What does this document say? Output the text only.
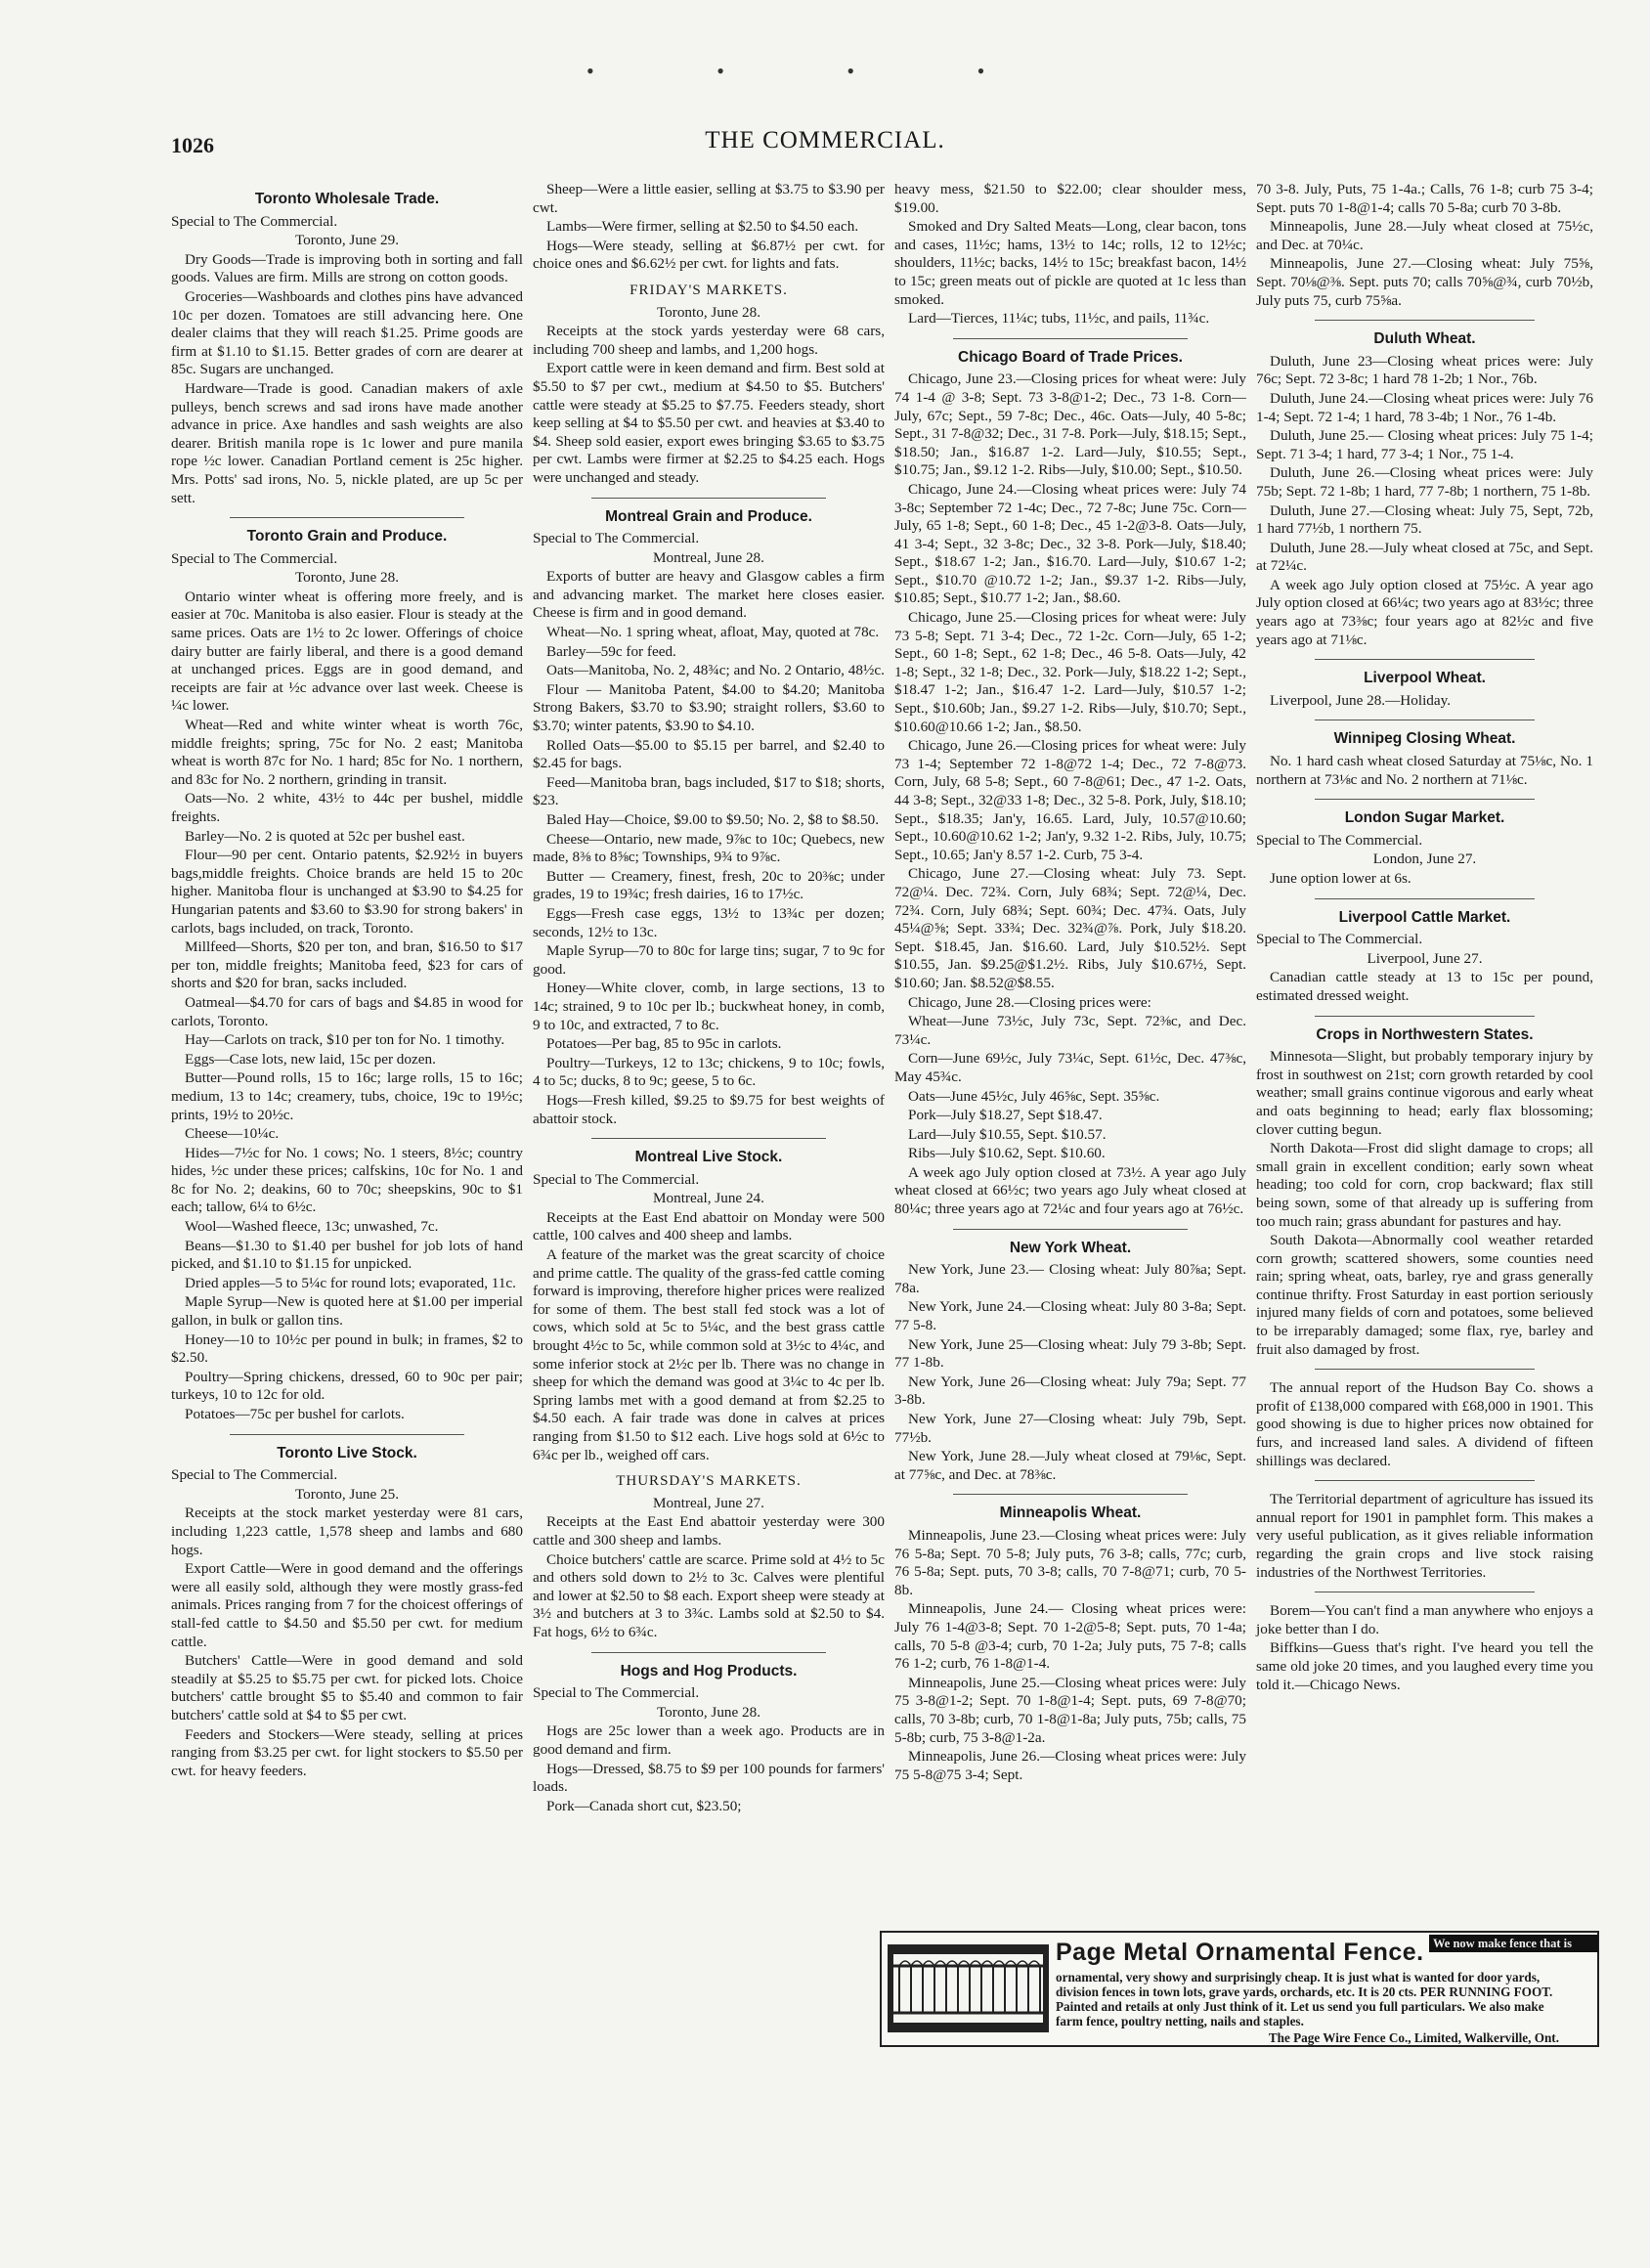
• • • •
1026	THE COMMERCIAL.
Toronto Wholesale Trade.

Special to The Commercial.

Toronto, June 29.

Dry Goods—Trade is improving both in sorting and fall goods. Values are firm. Mills are strong on cotton goods.

Groceries—Washboards and clothes pins have advanced 10c per dozen. Tomatoes are still advancing here. One dealer claims that they will reach $1.25. Prime goods are firm at $1.10 to $1.15. Better grades of corn are dearer at 85c. Sugars are unchanged.

Hardware—Trade is good. Canadian makers of axle pulleys, bench screws and sad irons have made another advance in price. Axe handles and sash weights are also dearer. British manila rope is 1c lower and pure manila rope ½c lower. Canadian Portland cement is 25c higher. Mrs. Potts' sad irons, No. 5, nickle plated, are up 5c per sett.

Toronto Grain and Produce.

Special to The Commercial.

Toronto, June 28.

Ontario winter wheat is offering more freely, and is easier at 70c. Manitoba is also easier. Flour is steady at the same prices. Oats are 1½ to 2c lower. Offerings of choice dairy butter are fairly liberal, and there is a good demand at unchanged prices. Eggs are in good demand, and receipts are fair at ½c advance over last week. Cheese is ¼c lower.

Wheat—Red and white winter wheat is worth 76c, middle freights; spring, 75c for No. 2 east; Manitoba wheat is worth 87c for No. 1 hard; 85c for No. 1 northern, and 83c for No. 2 northern, grinding in transit.

Oats—No. 2 white, 43½ to 44c per bushel, middle freights.

Barley—No. 2 is quoted at 52c per bushel east.

Flour—90 per cent. Ontario patents, $2.92½ in buyers bags,middle freights. Choice brands are held 15 to 20c higher. Manitoba flour is unchanged at $3.90 to $4.25 for Hungarian patents and $3.60 to $3.90 for strong bakers' in carlots, bags included, on track, Toronto.

Millfeed—Shorts, $20 per ton, and bran, $16.50 to $17 per ton, middle freights; Manitoba feed, $23 for cars of shorts and $20 for bran, sacks included.

Oatmeal—$4.70 for cars of bags and $4.85 in wood for carlots, Toronto.

Hay—Carlots on track, $10 per ton for No. 1 timothy.

Eggs—Case lots, new laid, 15c per dozen.

Butter—Pound rolls, 15 to 16c; large rolls, 15 to 16c; medium, 13 to 14c; creamery, tubs, choice, 19c to 19½c; prints, 19½ to 20½c.

Cheese—10¼c.

Hides—7½c for No. 1 cows; No. 1 steers, 8½c; country hides, ½c under these prices; calfskins, 10c for No. 1 and 8c for No. 2; deakins, 60 to 70c; sheepskins, 90c to $1 each; tallow, 6¼ to 6½c.

Wool—Washed fleece, 13c; unwashed, 7c.

Beans—$1.30 to $1.40 per bushel for job lots of hand picked, and $1.10 to $1.15 for unpicked.

Dried apples—5 to 5¼c for round lots; evaporated, 11c.

Maple Syrup—New is quoted here at $1.00 per imperial gallon, in bulk or gallon tins.

Honey—10 to 10½c per pound in bulk; in frames, $2 to $2.50.

Poultry—Spring chickens, dressed, 60 to 90c per pair; turkeys, 10 to 12c for old.

Potatoes—75c per bushel for carlots.

Toronto Live Stock.

Special to The Commercial.

Toronto, June 25.

Receipts at the stock market yesterday were 81 cars, including 1,223 cattle, 1,578 sheep and lambs and 680 hogs.

Export Cattle—Were in good demand and the offerings were all easily sold, although they were mostly grass-fed animals. Prices ranging from 7 for the choicest offerings of stall-fed cattle to $4.50 and $5.50 per cwt. for medium cattle.

Butchers' Cattle—Were in good demand and sold steadily at $5.25 to $5.75 per cwt. for picked lots. Choice butchers' cattle brought $5 to $5.40 and common to fair butchers' cattle sold at $4 to $5 per cwt.

Feeders and Stockers—Were steady, selling at prices ranging from $3.25 per cwt. for light stockers to $5.50 per cwt. for heavy feeders.

Sheep—Were a little easier, selling at $3.75 to $3.90 per cwt.

Lambs—Were firmer, selling at $2.50 to $4.50 each.

Hogs—Were steady, selling at $6.87½ per cwt. for choice ones and $6.62½ per cwt. for lights and fats.

FRIDAY'S MARKETS.

Toronto, June 28.

Receipts at the stock yards yesterday were 68 cars, including 700 sheep and lambs, and 1,200 hogs.

Export cattle were in keen demand and firm. Best sold at $5.50 to $7 per cwt., medium at $4.50 to $5. Butchers' cattle were steady at $5.25 to $7.75. Feeders steady, short keep selling at $4 to $5.50 per cwt. and heavies at $3.40 to $4. Sheep sold easier, export ewes bringing $3.65 to $3.75 per cwt. Lambs were firmer at $2.25 to $4.25 each. Hogs were unchanged and steady.

Montreal Grain and Produce.

Special to The Commercial.

Montreal, June 28.

Exports of butter are heavy and Glasgow cables a firm and advancing market. The market here closes easier. Cheese is firm and in good demand.

Wheat—No. 1 spring wheat, afloat, May, quoted at 78c.

Barley—59c for feed.

Oats—Manitoba, No. 2, 48¾c; and No. 2 Ontario, 48½c.

Flour — Manitoba Patent, $4.00 to $4.20; Manitoba Strong Bakers, $3.70 to $3.90; straight rollers, $3.60 to $3.70; winter patents, $3.90 to $4.10.

Rolled Oats—$5.00 to $5.15 per barrel, and $2.40 to $2.45 for bags.

Feed—Manitoba bran, bags included, $17 to $18; shorts, $23.

Baled Hay—Choice, $9.00 to $9.50; No. 2, $8 to $8.50.

Cheese—Ontario, new made, 9⅞c to 10c; Quebecs, new made, 8⅜ to 8⅝c; Townships, 9¾ to 9⅞c.

Butter — Creamery, finest, fresh, 20c to 20⅜c; under grades, 19 to 19¾c; fresh dairies, 16 to 17½c.

Eggs—Fresh case eggs, 13½ to 13¾c per dozen; seconds, 12½ to 13c.

Maple Syrup—70 to 80c for large tins; sugar, 7 to 9c for good.

Honey—White clover, comb, in large sections, 13 to 14c; strained, 9 to 10c per lb.; buckwheat honey, in comb, 9 to 10c, and extracted, 7 to 8c.

Potatoes—Per bag, 85 to 95c in carlots.

Poultry—Turkeys, 12 to 13c; chickens, 9 to 10c; fowls, 4 to 5c; ducks, 8 to 9c; geese, 5 to 6c.

Hogs—Fresh killed, $9.25 to $9.75 for best weights of abattoir stock.

Montreal Live Stock.

Special to The Commercial.

Montreal, June 24.

Receipts at the East End abattoir on Monday were 500 cattle, 100 calves and 400 sheep and lambs.

A feature of the market was the great scarcity of choice and prime cattle. The quality of the grass-fed cattle coming forward is improving, therefore higher prices were realized for some of them. The best stall fed stock was a lot of cows, which sold at 5c to 5¼c, and the best grass cattle brought 4½c to 5c, while common sold at 3½c to 4¼c, and some inferior stock at 2½c per lb. There was no change in sheep for which the demand was good at 3¼c to 4c per lb. Spring lambs met with a good demand at from $2.25 to $4.50 each. A fair trade was done in calves at prices ranging from $1.50 to $12 each. Live hogs sold at 6½c to 6¾c per lb., weighed off cars.

THURSDAY'S MARKETS.

Montreal, June 27.

Receipts at the East End abattoir yesterday were 300 cattle and 300 sheep and lambs.

Choice butchers' cattle are scarce. Prime sold at 4½ to 5c and others sold down to 2½ to 3c. Calves were plentiful and lower at $2.50 to $8 each. Export sheep were steady at 3½ and butchers at 3 to 3¾c. Lambs sold at $2.50 to $4. Fat hogs, 6½ to 6¾c.

Hogs and Hog Products.

Special to The Commercial.

Toronto, June 28.

Hogs are 25c lower than a week ago. Products are in good demand and firm.

Hogs—Dressed, $8.75 to $9 per 100 pounds for farmers' loads.

Pork—Canada short cut, $23.50;

heavy mess, $21.50 to $22.00; clear shoulder mess, $19.00.

Smoked and Dry Salted Meats—Long, clear bacon, tons and cases, 11½c; hams, 13½ to 14c; rolls, 12 to 12½c; shoulders, 11½c; backs, 14½ to 15c; breakfast bacon, 14½ to 15c; green meats out of pickle are quoted at 1c less than smoked.

Lard—Tierces, 11¼c; tubs, 11½c, and pails, 11¾c.

Chicago Board of Trade Prices.

Chicago, June 23.—Closing prices for wheat were: July 74 1-4 @ 3-8; Sept. 73 3-8@1-2; Dec., 73 1-8. Corn—July, 67c; Sept., 59 7-8c; Dec., 46c. Oats—July, 40 5-8c; Sept., 31 7-8@32; Dec., 31 7-8. Pork—July, $18.15; Sept., $18.50; Jan., $16.87 1-2. Lard—July, $10.55; Sept., $10.75; Jan., $9.12 1-2. Ribs—July, $10.00; Sept., $10.50.

Chicago, June 24.—Closing wheat prices were: July 74 3-8c; September 72 1-4c; Dec., 72 7-8c; June 75c. Corn—July, 65 1-8; Sept., 60 1-8; Dec., 45 1-2@3-8. Oats—July, 41 3-4; Sept., 32 3-8c; Dec., 32 3-8. Pork—July, $18.40; Sept., $18.67 1-2; Jan., $16.70. Lard—July, $10.67 1-2; Sept., $10.70 @10.72 1-2; Jan., $9.37 1-2. Ribs—July, $10.85; Sept., $10.77 1-2; Jan., $8.60.

Chicago, June 25.—Closing prices for wheat were: July 73 5-8; Sept. 71 3-4; Dec., 72 1-2c. Corn—July, 65 1-2; Sept., 60 1-8; Sept., 62 1-8; Dec., 46 5-8. Oats—July, 42 1-8; Sept., 32 1-8; Dec., 32. Pork—July, $18.22 1-2; Sept., $18.47 1-2; Jan., $16.47 1-2. Lard—July, $10.57 1-2; Sept., $10.60b; Jan., $9.27 1-2. Ribs—July, $10.70; Sept., $10.60@10.66 1-2; Jan., $8.50.

Chicago, June 26.—Closing prices for wheat were: July 73 1-4; September 72 1-8@72 1-4; Dec., 72 7-8@73. Corn, July, 68 5-8; Sept., 60 7-8@61; Dec., 47 1-2. Oats, 44 3-8; Sept., 32@33 1-8; Dec., 32 5-8. Pork, July, $18.10; Sept., $18.35; Jan'y, 16.65. Lard, July, 10.57@10.60; Sept., 10.60@10.62 1-2; Jan'y, 9.32 1-2. Ribs, July, 10.75; Sept., 10.65; Jan'y 8.57 1-2. Curb, 75 3-4.

Chicago, June 27.—Closing wheat: July 73. Sept. 72@¼. Dec. 72¾. Corn, July 68¾; Sept. 72@¼, Dec. 72¾. Corn, July 68¾; Sept. 60¾; Dec. 47¾. Oats, July 45¼@⅝; Sept. 33¾; Dec. 32¾@⅞. Pork, July $18.20. Sept. $18.45, Jan. $16.60. Lard, July $10.52½. Sept $10.55, Jan. $9.25@$1.2½. Ribs, July $10.67½, Sept. $10.60; Jan. $8.52@$8.55.

Chicago, June 28.—Closing prices were:

Wheat—June 73½c, July 73c, Sept. 72⅜c, and Dec. 73¼c.

Corn—June 69½c, July 73¼c, Sept. 61½c, Dec. 47⅜c, May 45¾c.

Oats—June 45½c, July 46⅝c, Sept. 35⅝c.

Pork—July $18.27, Sept $18.47.

Lard—July $10.55, Sept. $10.57.

Ribs—July $10.62, Sept. $10.60.

A week ago July option closed at 73½. A year ago July wheat closed at 66½c; two years ago July wheat closed at 80¼c; three years ago at 72¼c and four years ago at 76½c.

New York Wheat.

New York, June 23.— Closing wheat: July 80⅞a; Sept. 78a.

New York, June 24.—Closing wheat: July 80 3-8a; Sept. 77 5-8.

New York, June 25—Closing wheat: July 79 3-8b; Sept. 77 1-8b.

New York, June 26—Closing wheat: July 79a; Sept. 77 3-8b.

New York, June 27—Closing wheat: July 79b, Sept. 77½b.

New York, June 28.—July wheat closed at 79⅛c, Sept. at 77⅝c, and Dec. at 78⅜c.

Minneapolis Wheat.

Minneapolis, June 23.—Closing wheat prices were: July 76 5-8a; Sept. 70 5-8; July puts, 76 3-8; calls, 77c; curb, 76 5-8a; Sept. puts, 70 3-8; calls, 70 7-8@71; curb, 70 5-8b.

Minneapolis, June 24.— Closing wheat prices were: July 76 1-4@3-8; Sept. 70 1-2@5-8; Sept. puts, 70 1-4a; calls, 70 5-8 @3-4; curb, 70 1-2a; July puts, 75 7-8; calls 76 1-2; curb, 76 1-8@1-4.

Minneapolis, June 25.—Closing wheat prices were: July 75 3-8@1-2; Sept. 70 1-8@1-4; Sept. puts, 69 7-8@70; calls, 70 3-8b; curb, 70 1-8@1-8a; July puts, 75b; calls, 75 5-8b; curb, 75 3-8@1-2a.

Minneapolis, June 26.—Closing wheat prices were: July 75 5-8@75 3-4; Sept.

70 3-8. July, Puts, 75 1-4a.; Calls, 76 1-8; curb 75 3-4; Sept. puts 70 1-8@1-4; calls 70 5-8a; curb 70 3-8b.

Minneapolis, June 28.—July wheat closed at 75½c, and Dec. at 70¼c.

Minneapolis, June 27.—Closing wheat: July 75⅝, Sept. 70⅛@⅜. Sept. puts 70; calls 70⅝@¾, curb 70½b, July puts 75, curb 75⅝a.

Duluth Wheat.

Duluth, June 23—Closing wheat prices were: July 76c; Sept. 72 3-8c; 1 hard 78 1-2b; 1 Nor., 76b.

Duluth, June 24.—Closing wheat prices were: July 76 1-4; Sept. 72 1-4; 1 hard, 78 3-4b; 1 Nor., 76 1-4b.

Duluth, June 25.— Closing wheat prices: July 75 1-4; Sept. 71 3-4; 1 hard, 77 3-4; 1 Nor., 75 1-4.

Duluth, June 26.—Closing wheat prices were: July 75b; Sept. 72 1-8b; 1 hard, 77 7-8b; 1 northern, 75 1-8b.

Duluth, June 27.—Closing wheat: July 75, Sept, 72b, 1 hard 77½b, 1 northern 75.

Duluth, June 28.—July wheat closed at 75c, and Sept. at 72¼c.

A week ago July option closed at 75½c. A year ago July option closed at 66¼c; two years ago at 83½c; three years ago at 73⅜c; four years ago at 82½c and five years ago at 71⅛c.

Liverpool Wheat.

Liverpool, June 28.—Holiday.

Winnipeg Closing Wheat.

No. 1 hard cash wheat closed Saturday at 75⅛c, No. 1 northern at 73⅛c and No. 2 northern at 71⅛c.

London Sugar Market.

Special to The Commercial.

London, June 27.

June option lower at 6s.

Liverpool Cattle Market.

Special to The Commercial.

Liverpool, June 27.

Canadian cattle steady at 13 to 15c per pound, estimated dressed weight.

Crops in Northwestern States.

Minnesota—Slight, but probably temporary injury by frost in southwest on 21st; corn growth retarded by cool weather; small grains continue vigorous and early wheat and oats beginning to head; early flax blossoming; clover cutting begun.

North Dakota—Frost did slight damage to crops; all small grain in excellent condition; early sown wheat heading; too cold for corn, crop backward; flax still being sown, some of that already up is suffering from too much rain; grass abundant for pastures and hay.

South Dakota—Abnormally cool weather retarded corn growth; scattered showers, some counties need rain; spring wheat, oats, barley, rye and grass generally continue thrifty. Frost Saturday in east portion seriously injured many fields of corn and potatoes, some believed to be irreparably damaged; some flax, rye, barley and fruit also damaged by frost.

The annual report of the Hudson Bay Co. shows a profit of £138,000 compared with £68,000 in 1901. This good showing is due to higher prices now obtained for furs, and increased land sales. A dividend of fifteen shillings was declared.

The Territorial department of agriculture has issued its annual report for 1901 in pamphlet form. This makes a very useful publication, as it gives reliable information regarding the grain crops and live stock raising industries of the Northwest Territories.

Borem—You can't find a man anywhere who enjoys a joke better than I do.

Biffkins—Guess that's right. I've heard you tell the same old joke 20 times, and you laughed every time you told it.—Chicago News.

Page Metal Ornamental Fence.
ornamental, very showy and surprisingly cheap. It is just what is wanted for door yards, division fences in town lots, grave yards, orchards, etc. It is 20 cts. PER RUNNING FOOT. Painted and retails at only Just think of it. Let us send you full particulars. We also make farm fence, poultry netting, nails and staples.
The Page Wire Fence Co., Limited, Walkerville, Ont.
We now make fence that is
